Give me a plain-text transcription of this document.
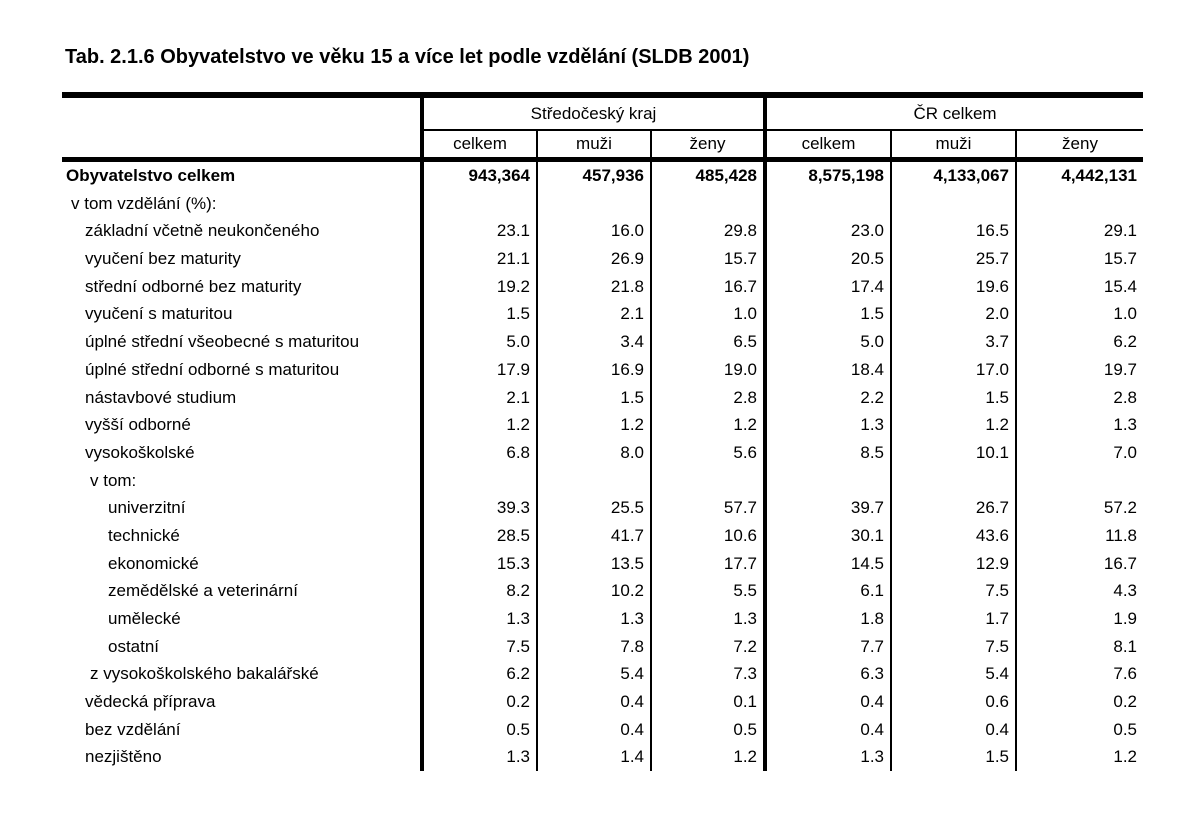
Tab. 2.1.6 Obyvatelstvo ve věku 15 a více let podle vzdělání (SLDB 2001)
Středočeský kraj	ČR celkem
celkem	muži	ženy	celkem	muži	ženy
Obyvatelstvo celkem	943,364	457,936	485,428	8,575,198	4,133,067	4,442,131
v tom vzdělání (%):
základní včetně neukončeného	23.1	16.0	29.8	23.0	16.5	29.1
vyučení bez maturity	21.1	26.9	15.7	20.5	25.7	15.7
střední odborné bez maturity	19.2	21.8	16.7	17.4	19.6	15.4
vyučení s maturitou	1.5	2.1	1.0	1.5	2.0	1.0
úplné střední všeobecné s maturitou	5.0	3.4	6.5	5.0	3.7	6.2
úplné střední odborné s maturitou	17.9	16.9	19.0	18.4	17.0	19.7
nástavbové studium	2.1	1.5	2.8	2.2	1.5	2.8
vyšší odborné	1.2	1.2	1.2	1.3	1.2	1.3
vysokoškolské	6.8	8.0	5.6	8.5	10.1	7.0
v tom:
univerzitní	39.3	25.5	57.7	39.7	26.7	57.2
technické	28.5	41.7	10.6	30.1	43.6	11.8
ekonomické	15.3	13.5	17.7	14.5	12.9	16.7
zemědělské a veterinární	8.2	10.2	5.5	6.1	7.5	4.3
umělecké	1.3	1.3	1.3	1.8	1.7	1.9
ostatní	7.5	7.8	7.2	7.7	7.5	8.1
z vysokoškolského bakalářské	6.2	5.4	7.3	6.3	5.4	7.6
vědecká příprava	0.2	0.4	0.1	0.4	0.6	0.2
bez vzdělání	0.5	0.4	0.5	0.4	0.4	0.5
nezjištěno	1.3	1.4	1.2	1.3	1.5	1.2
